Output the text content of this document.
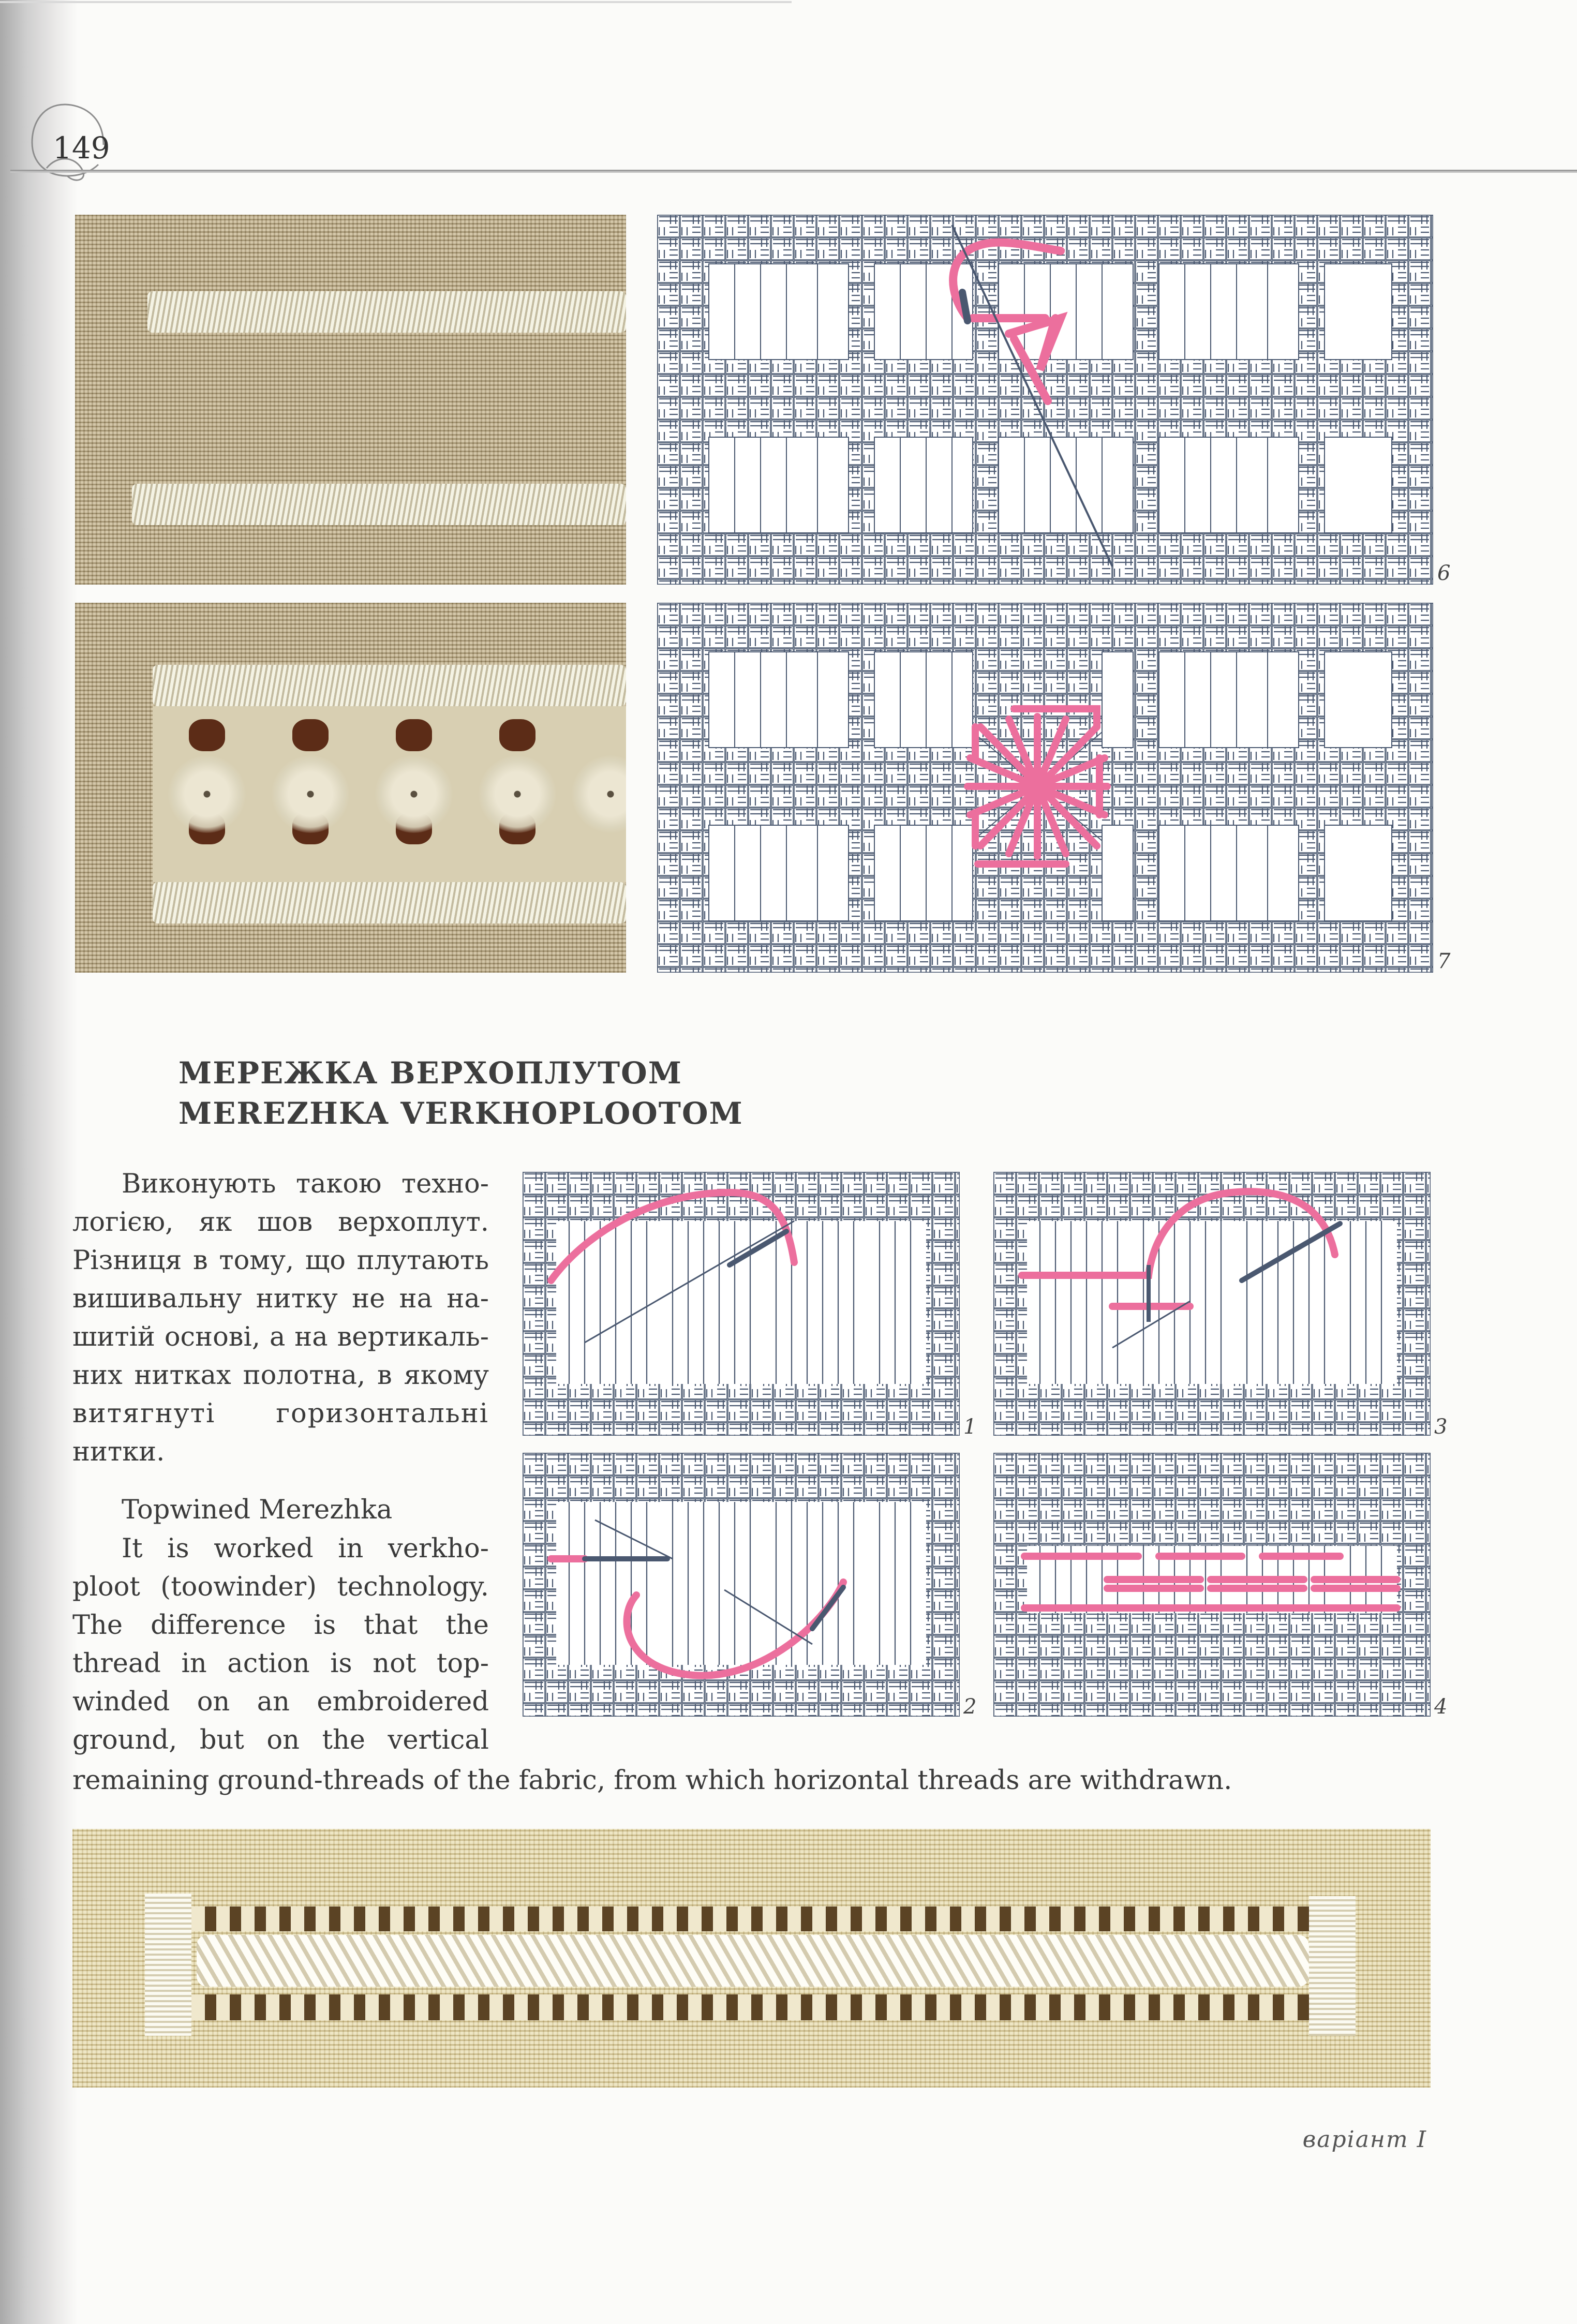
149
6
7
МЕРЕЖКА ВЕРХОПЛУТОМ
MEREZHKA VERKHOPLOOTOM
Виконують такою техно-
логією, як шов верхоплут.
Різниця в тому, що плутають
вишивальну нитку не на на-
шитій основі, а на вертикаль-
них нитках полотна, в якому
витягнуті горизонтальні
нитки.
Topwined Merezhka
It is worked in verkho-
ploot (toowinder) technology.
The difference is that the
thread in action is not top-
winded on an embroidered
ground, but on the vertical
remaining ground-threads of the fabric, from which horizontal threads are withdrawn.
1	3
2	4
варіант I
